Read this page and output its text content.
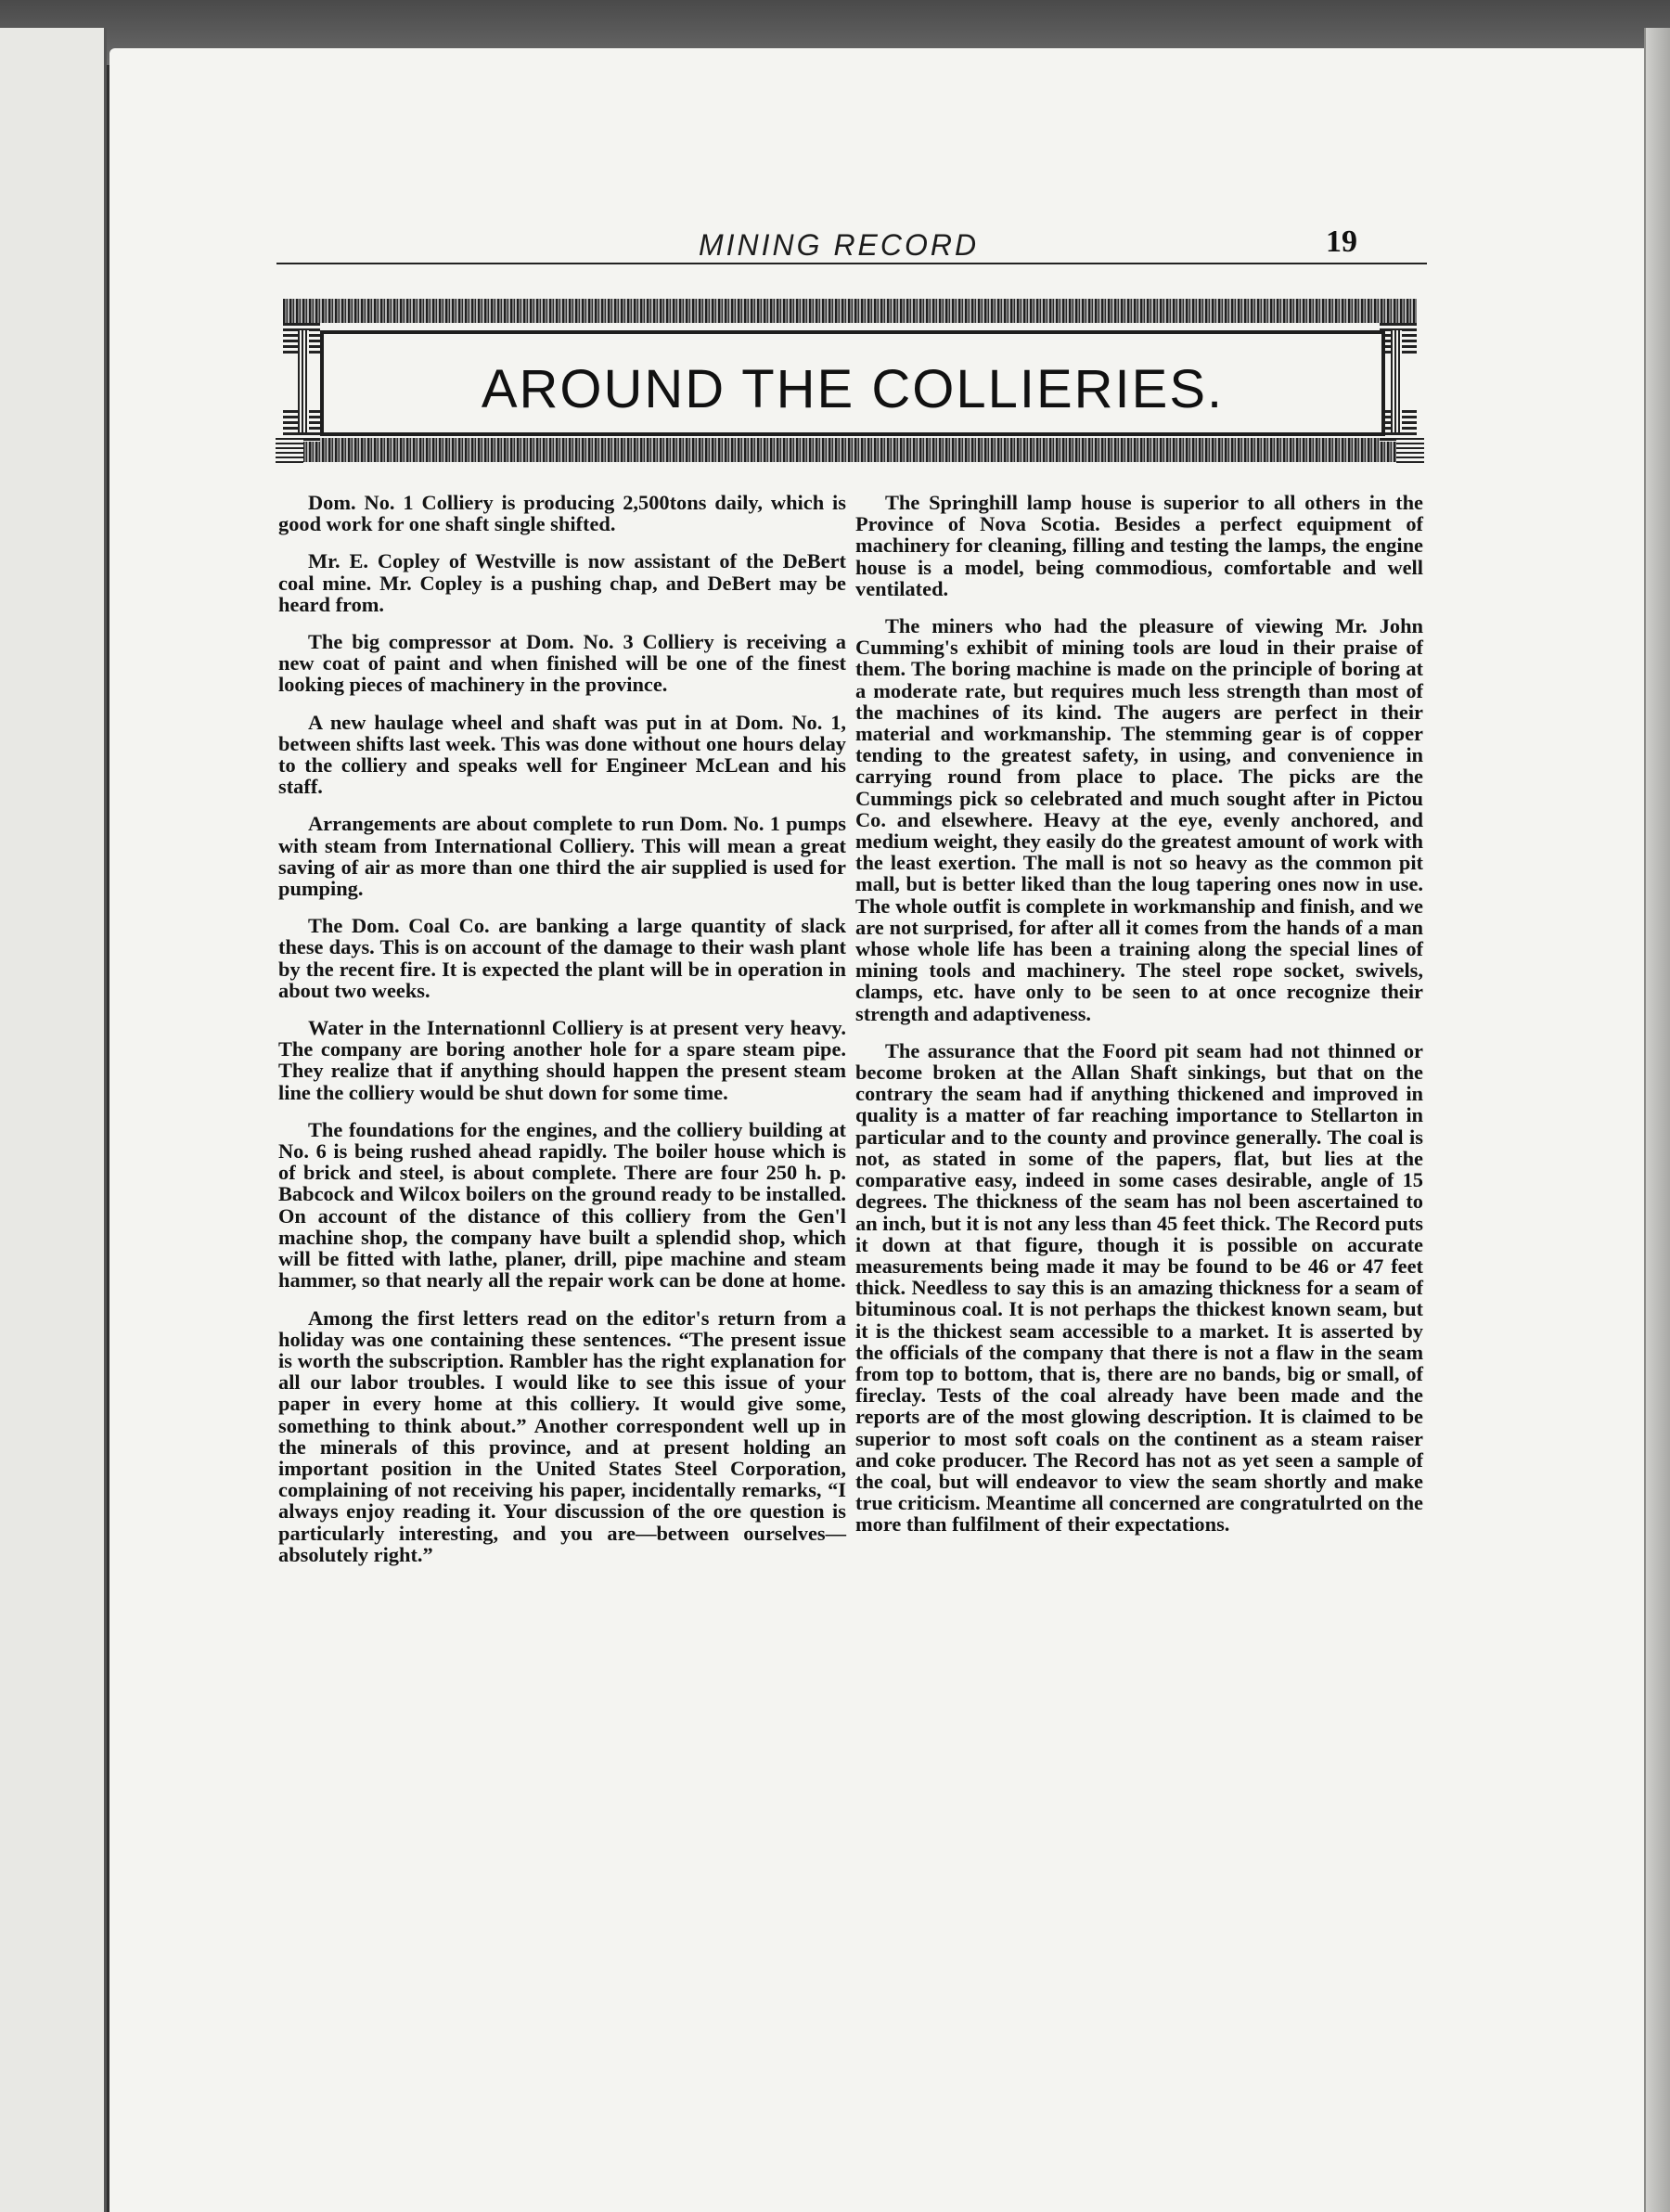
MINING RECORD	19
AROUND THE COLLIERIES.

Dom. No. 1 Colliery is producing 2,500tons daily, which is good work for one shaft single shifted.

Mr. E. Copley of Westville is now assistant of the DeBert coal mine. Mr. Copley is a pushing chap, and DeBert may be heard from.

The big compressor at Dom. No. 3 Colliery is receiving a new coat of paint and when finished will be one of the finest looking pieces of machinery in the province.

A new haulage wheel and shaft was put in at Dom. No. 1, between shifts last week. This was done without one hours delay to the colliery and speaks well for Engineer McLean and his staff.

Arrangements are about complete to run Dom. No. 1 pumps with steam from International Colliery. This will mean a great saving of air as more than one third the air supplied is used for pumping.

The Dom. Coal Co. are banking a large quantity of slack these days. This is on account of the damage to their wash plant by the recent fire. It is expected the plant will be in operation in about two weeks.

Water in the Internationnl Colliery is at present very heavy. The company are boring another hole for a spare steam pipe. They realize that if anything should happen the present steam line the colliery would be shut down for some time.

The foundations for the engines, and the colliery building at No. 6 is being rushed ahead rapidly. The boiler house which is of brick and steel, is about complete. There are four 250 h. p. Babcock and Wilcox boilers on the ground ready to be installed. On account of the distance of this colliery from the Gen'l machine shop, the company have built a splendid shop, which will be fitted with lathe, planer, drill, pipe machine and steam hammer, so that nearly all the repair work can be done at home.

Among the first letters read on the editor's return from a holiday was one containing these sentences. “The present issue is worth the subscription. Rambler has the right explanation for all our labor troubles. I would like to see this issue of your paper in every home at this colliery. It would give some, something to think about.” Another correspondent well up in the minerals of this province, and at present holding an important position in the United States Steel Corporation, complaining of not receiving his paper, incidentally remarks, “I always enjoy reading it. Your discussion of the ore question is particularly interesting, and you are—between ourselves—absolutely right.”

The Springhill lamp house is superior to all others in the Province of Nova Scotia. Besides a perfect equipment of machinery for cleaning, filling and testing the lamps, the engine house is a model, being commodious, comfortable and well ventilated.

The miners who had the pleasure of viewing Mr. John Cumming's exhibit of mining tools are loud in their praise of them. The boring machine is made on the principle of boring at a moderate rate, but requires much less strength than most of the machines of its kind. The augers are perfect in their material and workmanship. The stemming gear is of copper tending to the greatest safety, in using, and convenience in carrying round from place to place. The picks are the Cummings pick so celebrated and much sought after in Pictou Co. and elsewhere. Heavy at the eye, evenly anchored, and medium weight, they easily do the greatest amount of work with the least exertion. The mall is not so heavy as the common pit mall, but is better liked than the loug tapering ones now in use. The whole outfit is complete in workmanship and finish, and we are not surprised, for after all it comes from the hands of a man whose whole life has been a training along the special lines of mining tools and machinery. The steel rope socket, swivels, clamps, etc. have only to be seen to at once recognize their strength and adaptiveness.

The assurance that the Foord pit seam had not thinned or become broken at the Allan Shaft sinkings, but that on the contrary the seam had if anything thickened and improved in quality is a matter of far reaching importance to Stellarton in particular and to the county and province generally. The coal is not, as stated in some of the papers, flat, but lies at the comparative easy, indeed in some cases desirable, angle of 15 degrees. The thickness of the seam has nol been ascertained to an inch, but it is not any less than 45 feet thick. The Record puts it down at that figure, though it is possible on accurate measurements being made it may be found to be 46 or 47 feet thick. Needless to say this is an amazing thickness for a seam of bituminous coal. It is not perhaps the thickest known seam, but it is the thickest seam accessible to a market. It is asserted by the officials of the company that there is not a flaw in the seam from top to bottom, that is, there are no bands, big or small, of fireclay. Tests of the coal already have been made and the reports are of the most glowing description. It is claimed to be superior to most soft coals on the continent as a steam raiser and coke producer. The Record has not as yet seen a sample of the coal, but will endeavor to view the seam shortly and make true criticism. Meantime all concerned are congratulrted on the more than fulfilment of their expectations.
